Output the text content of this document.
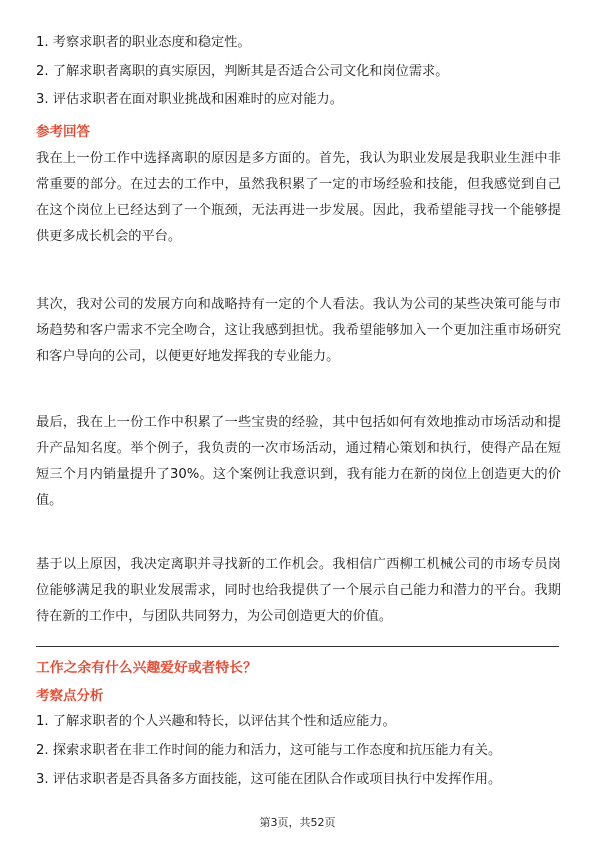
1. 考察求职者的职业态度和稳定性。
2. 了解求职者离职的真实原因，判断其是否适合公司文化和岗位需求。
3. 评估求职者在面对职业挑战和困难时的应对能力。
参考回答
我在上一份工作中选择离职的原因是多方面的。首先，我认为职业发展是我职业生涯中非常重要的部分。在过去的工作中，虽然我积累了一定的市场经验和技能，但我感觉到自己在这个岗位上已经达到了一个瓶颈，无法再进一步发展。因此，我希望能寻找一个能够提供更多成长机会的平台。
其次，我对公司的发展方向和战略持有一定的个人看法。我认为公司的某些决策可能与市场趋势和客户需求不完全吻合，这让我感到担忧。我希望能够加入一个更加注重市场研究和客户导向的公司，以便更好地发挥我的专业能力。
最后，我在上一份工作中积累了一些宝贵的经验，其中包括如何有效地推动市场活动和提升产品知名度。举个例子，我负责的一次市场活动，通过精心策划和执行，使得产品在短短三个月内销量提升了30%。这个案例让我意识到，我有能力在新的岗位上创造更大的价值。
基于以上原因，我决定离职并寻找新的工作机会。我相信广西柳工机械公司的市场专员岗位能够满足我的职业发展需求，同时也给我提供了一个展示自己能力和潜力的平台。我期待在新的工作中，与团队共同努力，为公司创造更大的价值。
工作之余有什么兴趣爱好或者特长？
考察点分析
1. 了解求职者的个人兴趣和特长，以评估其个性和适应能力。
2. 探索求职者在非工作时间的能力和活力，这可能与工作态度和抗压能力有关。
3. 评估求职者是否具备多方面技能，这可能在团队合作或项目执行中发挥作用。
第3页，共52页
